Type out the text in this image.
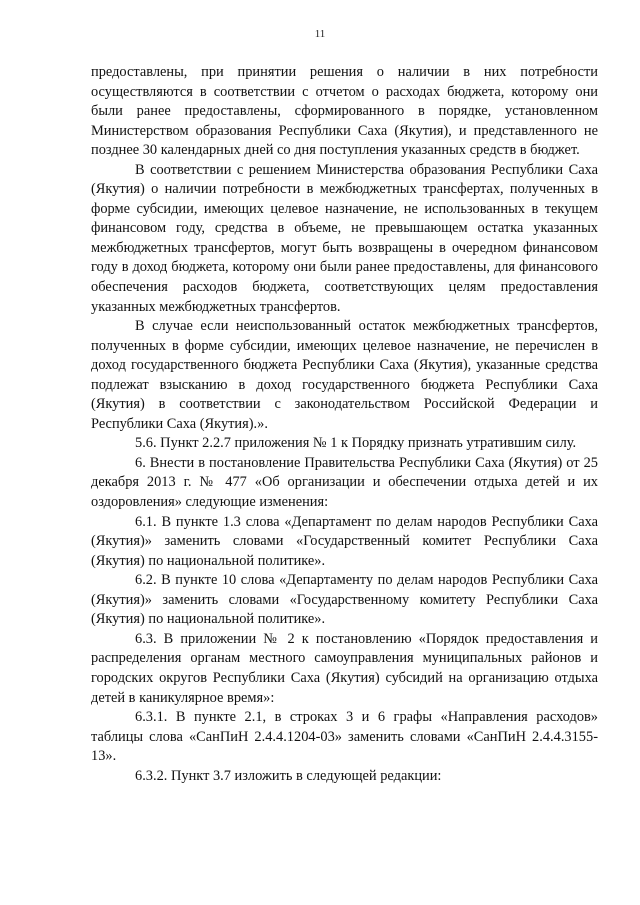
11

предоставлены, при принятии решения о наличии в них потребности осуществляются в соответствии с отчетом о расходах бюджета, которому они были ранее предоставлены, сформированного в порядке, установленном Министерством образования Республики Саха (Якутия), и представленного не позднее 30 календарных дней со дня поступления указанных средств в бюджет.

В соответствии с решением Министерства образования Республики Саха (Якутия) о наличии потребности в межбюджетных трансфертах, полученных в форме субсидии, имеющих целевое назначение, не использованных в текущем финансовом году, средства в объеме, не превышающем остатка указанных межбюджетных трансфертов, могут быть возвращены в очередном финансовом году в доход бюджета, которому они были ранее предоставлены, для финансового обеспечения расходов бюджета, соответствующих целям предоставления указанных межбюджетных трансфертов.

В случае если неиспользованный остаток межбюджетных трансфертов, полученных в форме субсидии, имеющих целевое назначение, не перечислен в доход государственного бюджета Республики Саха (Якутия), указанные средства подлежат взысканию в доход государственного бюджета Республики Саха (Якутия) в соответствии с законодательством Российской Федерации и Республики Саха (Якутия).».

5.6. Пункт 2.2.7 приложения № 1 к Порядку признать утратившим силу.

6. Внести в постановление Правительства Республики Саха (Якутия) от 25 декабря 2013 г. № 477 «Об организации и обеспечении отдыха детей и их оздоровления» следующие изменения:

6.1. В пункте 1.3 слова «Департамент по делам народов Республики Саха (Якутия)» заменить словами «Государственный комитет Республики Саха (Якутия) по национальной политике».

6.2. В пункте 10 слова «Департаменту по делам народов Республики Саха (Якутия)» заменить словами «Государственному комитету Республики Саха (Якутия) по национальной политике».

6.3. В приложении № 2 к постановлению «Порядок предоставления и распределения органам местного самоуправления муниципальных районов и городских округов Республики Саха (Якутия) субсидий на организацию отдыха детей в каникулярное время»:

6.3.1. В пункте 2.1, в строках 3 и 6 графы «Направления расходов» таблицы слова «СанПиН 2.4.4.1204-03» заменить словами «СанПиН 2.4.4.3155-13».

6.3.2. Пункт 3.7 изложить в следующей редакции:
